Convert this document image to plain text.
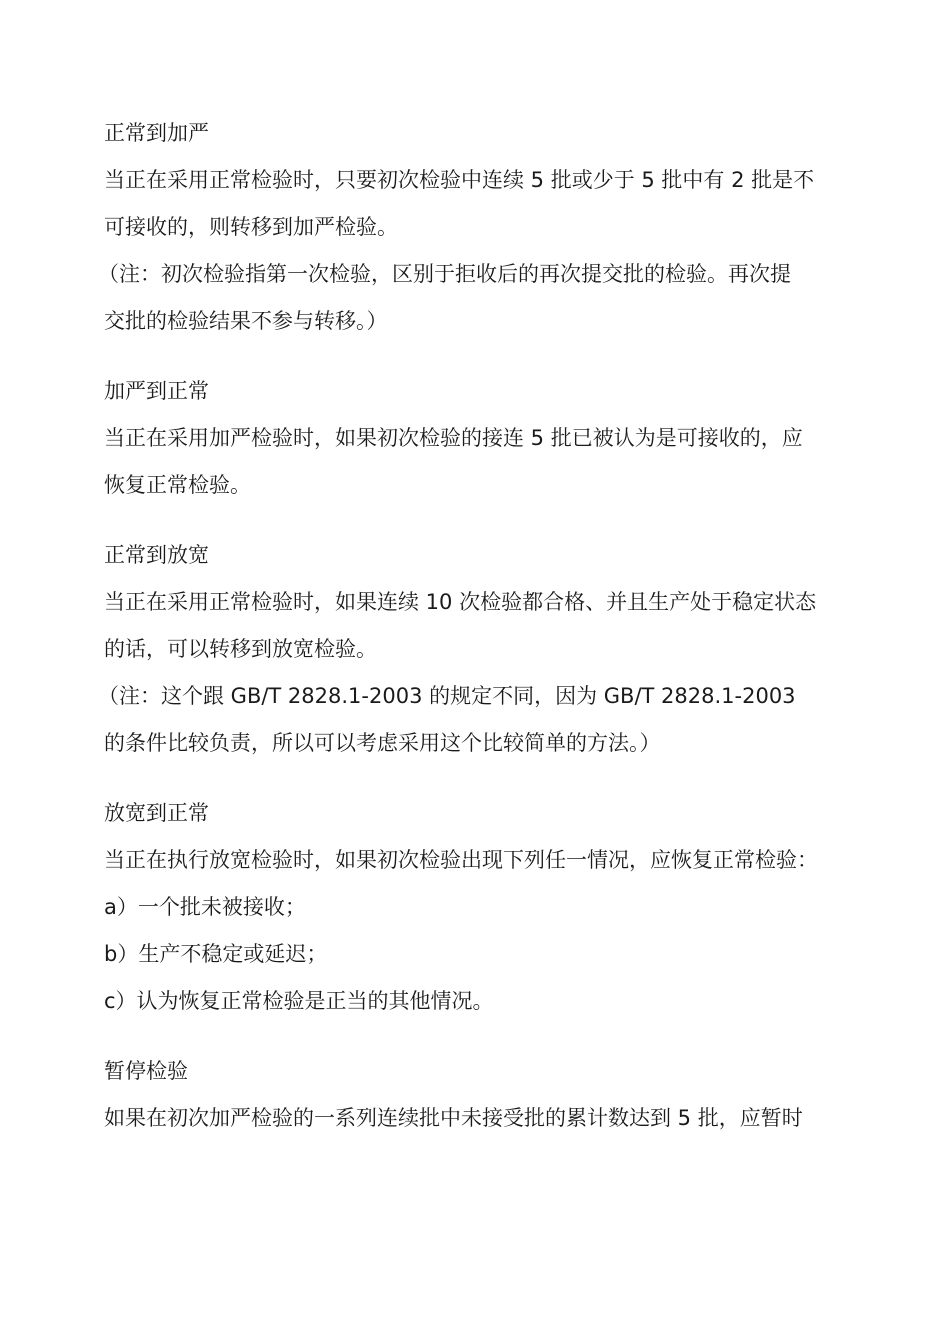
正常到加严

当正在采用正常检验时，只要初次检验中连续 5 批或少于 5 批中有 2 批是不

可接收的，则转移到加严检验。

（注：初次检验指第一次检验，区别于拒收后的再次提交批的检验。再次提

交批的检验结果不参与转移。）

加严到正常

当正在采用加严检验时，如果初次检验的接连 5 批已被认为是可接收的，应

恢复正常检验。

正常到放宽

当正在采用正常检验时，如果连续 10 次检验都合格、并且生产处于稳定状态

的话，可以转移到放宽检验。

（注：这个跟 GB/T 2828.1-2003 的规定不同，因为 GB/T 2828.1-2003

的条件比较负责，所以可以考虑采用这个比较简单的方法。）

放宽到正常

当正在执行放宽检验时，如果初次检验出现下列任一情况，应恢复正常检验：

a）一个批未被接收；

b）生产不稳定或延迟；

c）认为恢复正常检验是正当的其他情况。

暂停检验

如果在初次加严检验的一系列连续批中未接受批的累计数达到 5 批，应暂时
